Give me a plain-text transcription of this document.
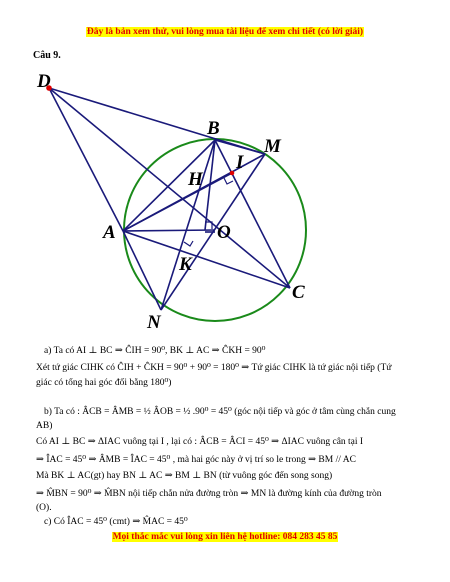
Đây là bản xem thử, vui lòng mua tài liệu để xem chi tiết (có lời giải)
Câu 9.
D
B
M
I
H
A	O
K
C
N
a) Ta có AI ⊥ BC ⇒ ĈIH = 90⁰, BK ⊥ AC ⇒ ĈKH = 90⁰
Xét tứ giác CIHK có ĈIH + ĈKH = 90⁰ + 90⁰ = 180⁰ ⇒ Tứ giác CIHK là tứ giác nội tiếp (Tứ
giác có tổng hai góc đối bằng 180⁰)
b) Ta có : ÂCB = ÂMB = ½ ÂOB = ½ .90⁰ = 45⁰ (góc nội tiếp và góc ở tâm cùng chắn cung
AB)
Có AI ⊥ BC ⇒ ΔIAC vuông tại I , lại có : ÂCB = ÂCI = 45⁰ ⇒ ΔIAC vuông cân tại I
⇒ ÎAC = 45⁰ ⇒ ÂMB = ÎAC = 45⁰ , mà hai góc này ở vị trí so le trong ⇒ BM // AC
Mà BK ⊥ AC(gt) hay BN ⊥ AC ⇒ BM ⊥ BN (từ vuông góc đến song song)
⇒ M̂BN = 90⁰ ⇒ M̂BN nội tiếp chắn nửa đường tròn ⇒ MN là đường kính của đường tròn
(O).
c) Có ÎAC = 45⁰ (cmt) ⇒ M̂AC = 45⁰
Mọi thắc mắc vui lòng xin liên hệ hotline: 084 283 45 85
